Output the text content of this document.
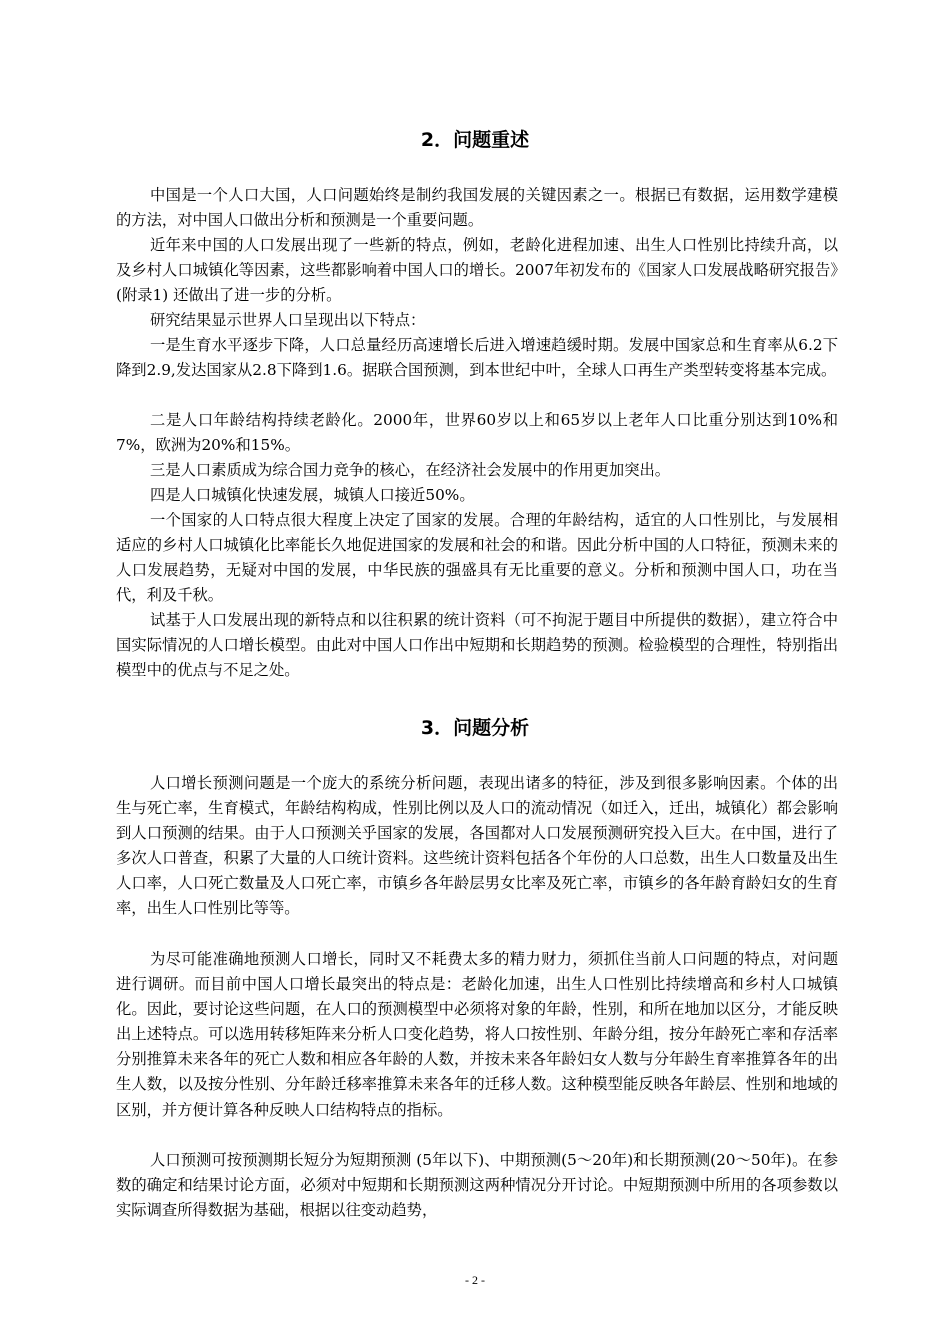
2．问题重述

中国是一个人口大国，人口问题始终是制约我国发展的关键因素之一。根据已有数据，运用数学建模的方法，对中国人口做出分析和预测是一个重要问题。

近年来中国的人口发展出现了一些新的特点，例如，老龄化进程加速、出生人口性别比持续升高，以及乡村人口城镇化等因素，这些都影响着中国人口的增长。2007年初发布的《国家人口发展战略研究报告》(附录1) 还做出了进一步的分析。

研究结果显示世界人口呈现出以下特点：

一是生育水平逐步下降，人口总量经历高速增长后进入增速趋缓时期。发展中国家总和生育率从6.2下降到2.9,发达国家从2.8下降到1.6。据联合国预测，到本世纪中叶，全球人口再生产类型转变将基本完成。

二是人口年龄结构持续老龄化。2000年，世界60岁以上和65岁以上老年人口比重分别达到10%和7%，欧洲为20%和15%。

三是人口素质成为综合国力竞争的核心，在经济社会发展中的作用更加突出。

四是人口城镇化快速发展，城镇人口接近50%。

一个国家的人口特点很大程度上决定了国家的发展。合理的年龄结构，适宜的人口性别比，与发展相适应的乡村人口城镇化比率能长久地促进国家的发展和社会的和谐。因此分析中国的人口特征，预测未来的人口发展趋势，无疑对中国的发展，中华民族的强盛具有无比重要的意义。分析和预测中国人口，功在当代，利及千秋。

试基于人口发展出现的新特点和以往积累的统计资料（可不拘泥于题目中所提供的数据），建立符合中国实际情况的人口增长模型。由此对中国人口作出中短期和长期趋势的预测。检验模型的合理性，特别指出模型中的优点与不足之处。

3．问题分析

人口增长预测问题是一个庞大的系统分析问题，表现出诸多的特征，涉及到很多影响因素。个体的出生与死亡率，生育模式，年龄结构构成，性别比例以及人口的流动情况（如迁入，迁出，城镇化）都会影响到人口预测的结果。由于人口预测关乎国家的发展，各国都对人口发展预测研究投入巨大。在中国，进行了多次人口普查，积累了大量的人口统计资料。这些统计资料包括各个年份的人口总数，出生人口数量及出生人口率，人口死亡数量及人口死亡率，市镇乡各年龄层男女比率及死亡率，市镇乡的各年龄育龄妇女的生育率，出生人口性别比等等。

为尽可能准确地预测人口增长，同时又不耗费太多的精力财力，须抓住当前人口问题的特点，对问题进行调研。而目前中国人口增长最突出的特点是：老龄化加速，出生人口性别比持续增高和乡村人口城镇化。因此，要讨论这些问题，在人口的预测模型中必须将对象的年龄，性别，和所在地加以区分，才能反映出上述特点。可以选用转移矩阵来分析人口变化趋势，将人口按性别、年龄分组，按分年龄死亡率和存活率分别推算未来各年的死亡人数和相应各年龄的人数，并按未来各年龄妇女人数与分年龄生育率推算各年的出生人数，以及按分性别、分年龄迁移率推算未来各年的迁移人数。这种模型能反映各年龄层、性别和地域的区别，并方便计算各种反映人口结构特点的指标。

人口预测可按预测期长短分为短期预测 (5年以下)、中期预测(5～20年)和长期预测(20～50年)。在参数的确定和结果讨论方面，必须对中短期和长期预测这两种情况分开讨论。中短期预测中所用的各项参数以实际调查所得数据为基础，根据以往变动趋势，

- 2 -
